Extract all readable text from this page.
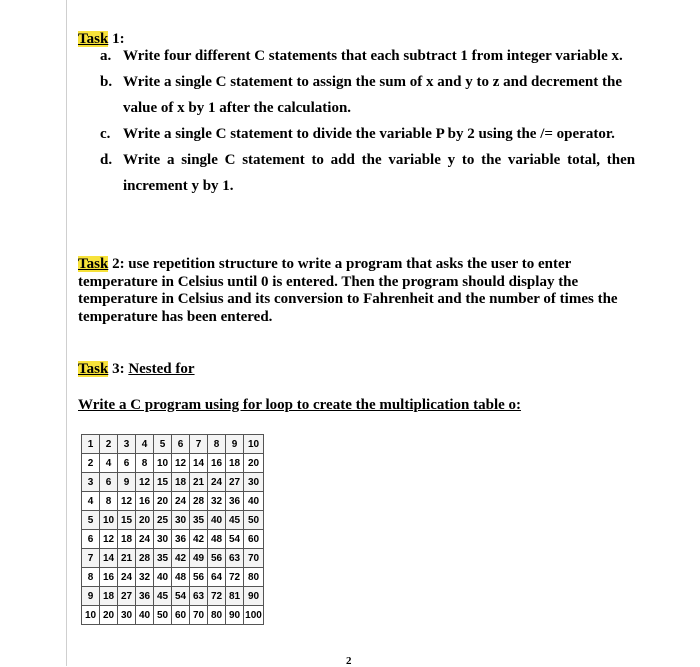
Task 1:
a. Write four different C statements that each subtract 1 from integer variable x.
b. Write a single C statement to assign the sum of x and y to z and decrement the
value of x by 1 after the calculation.
c. Write a single C statement to divide the variable P by 2 using the /= operator.
d. Write a single C statement to add the variable y to the variable total, then
increment y by 1.
Task 2: use repetition structure to write a program that asks the user to enter temperature in Celsius until 0 is entered. Then the program should display the temperature in Celsius and its conversion to Fahrenheit and the number of times the temperature has been entered.
Task 3: Nested for
Write a C program using for loop to create the multiplication table o:
1	2	3	4	5	6	7	8	9	10
2	4	6	8	10	12	14	16	18	20
3	6	9	12	15	18	21	24	27	30
4	8	12	16	20	24	28	32	36	40
5	10	15	20	25	30	35	40	45	50
6	12	18	24	30	36	42	48	54	60
7	14	21	28	35	42	49	56	63	70
8	16	24	32	40	48	56	64	72	80
9	18	27	36	45	54	63	72	81	90
10	20	30	40	50	60	70	80	90	100
2
